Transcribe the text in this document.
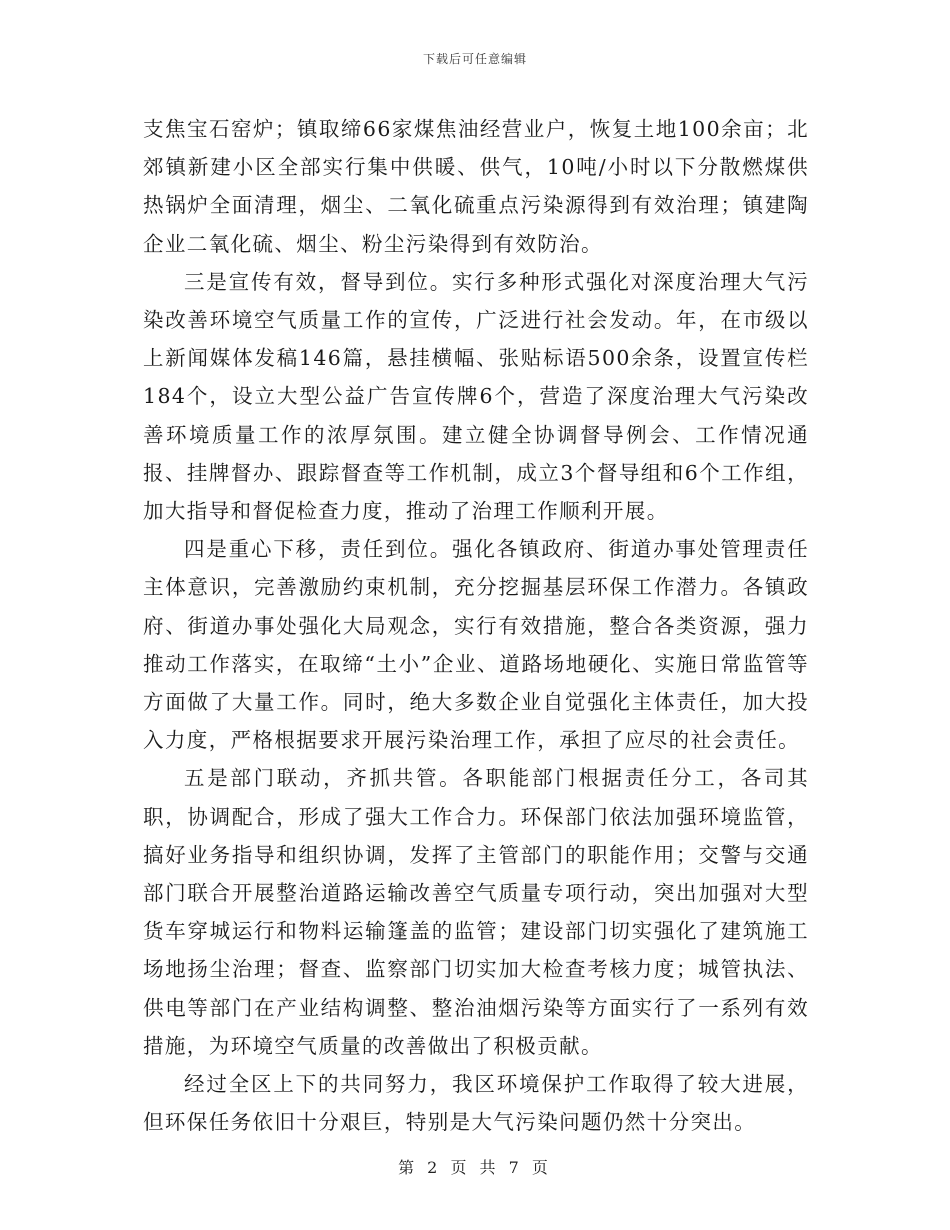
下载后可任意编辑

支焦宝石窑炉；镇取缔66家煤焦油经营业户，恢复土地100余亩；北郊镇新建小区全部实行集中供暖、供气，10吨/小时以下分散燃煤供热锅炉全面清理，烟尘、二氧化硫重点污染源得到有效治理；镇建陶企业二氧化硫、烟尘、粉尘污染得到有效防治。

三是宣传有效，督导到位。实行多种形式强化对深度治理大气污染改善环境空气质量工作的宣传，广泛进行社会发动。年，在市级以上新闻媒体发稿146篇，悬挂横幅、张贴标语500余条，设置宣传栏184个，设立大型公益广告宣传牌6个，营造了深度治理大气污染改善环境质量工作的浓厚氛围。建立健全协调督导例会、工作情况通报、挂牌督办、跟踪督查等工作机制，成立3个督导组和6个工作组，加大指导和督促检查力度，推动了治理工作顺利开展。

四是重心下移，责任到位。强化各镇政府、街道办事处管理责任主体意识，完善激励约束机制，充分挖掘基层环保工作潜力。各镇政府、街道办事处强化大局观念，实行有效措施，整合各类资源，强力推动工作落实，在取缔“土小”企业、道路场地硬化、实施日常监管等方面做了大量工作。同时，绝大多数企业自觉强化主体责任，加大投入力度，严格根据要求开展污染治理工作，承担了应尽的社会责任。

五是部门联动，齐抓共管。各职能部门根据责任分工，各司其职，协调配合，形成了强大工作合力。环保部门依法加强环境监管，搞好业务指导和组织协调，发挥了主管部门的职能作用；交警与交通部门联合开展整治道路运输改善空气质量专项行动，突出加强对大型货车穿城运行和物料运输篷盖的监管；建设部门切实强化了建筑施工场地扬尘治理；督查、监察部门切实加大检查考核力度；城管执法、供电等部门在产业结构调整、整治油烟污染等方面实行了一系列有效措施，为环境空气质量的改善做出了积极贡献。

经过全区上下的共同努力，我区环境保护工作取得了较大进展，但环保任务依旧十分艰巨，特别是大气污染问题仍然十分突出。

第 2 页 共 7 页
